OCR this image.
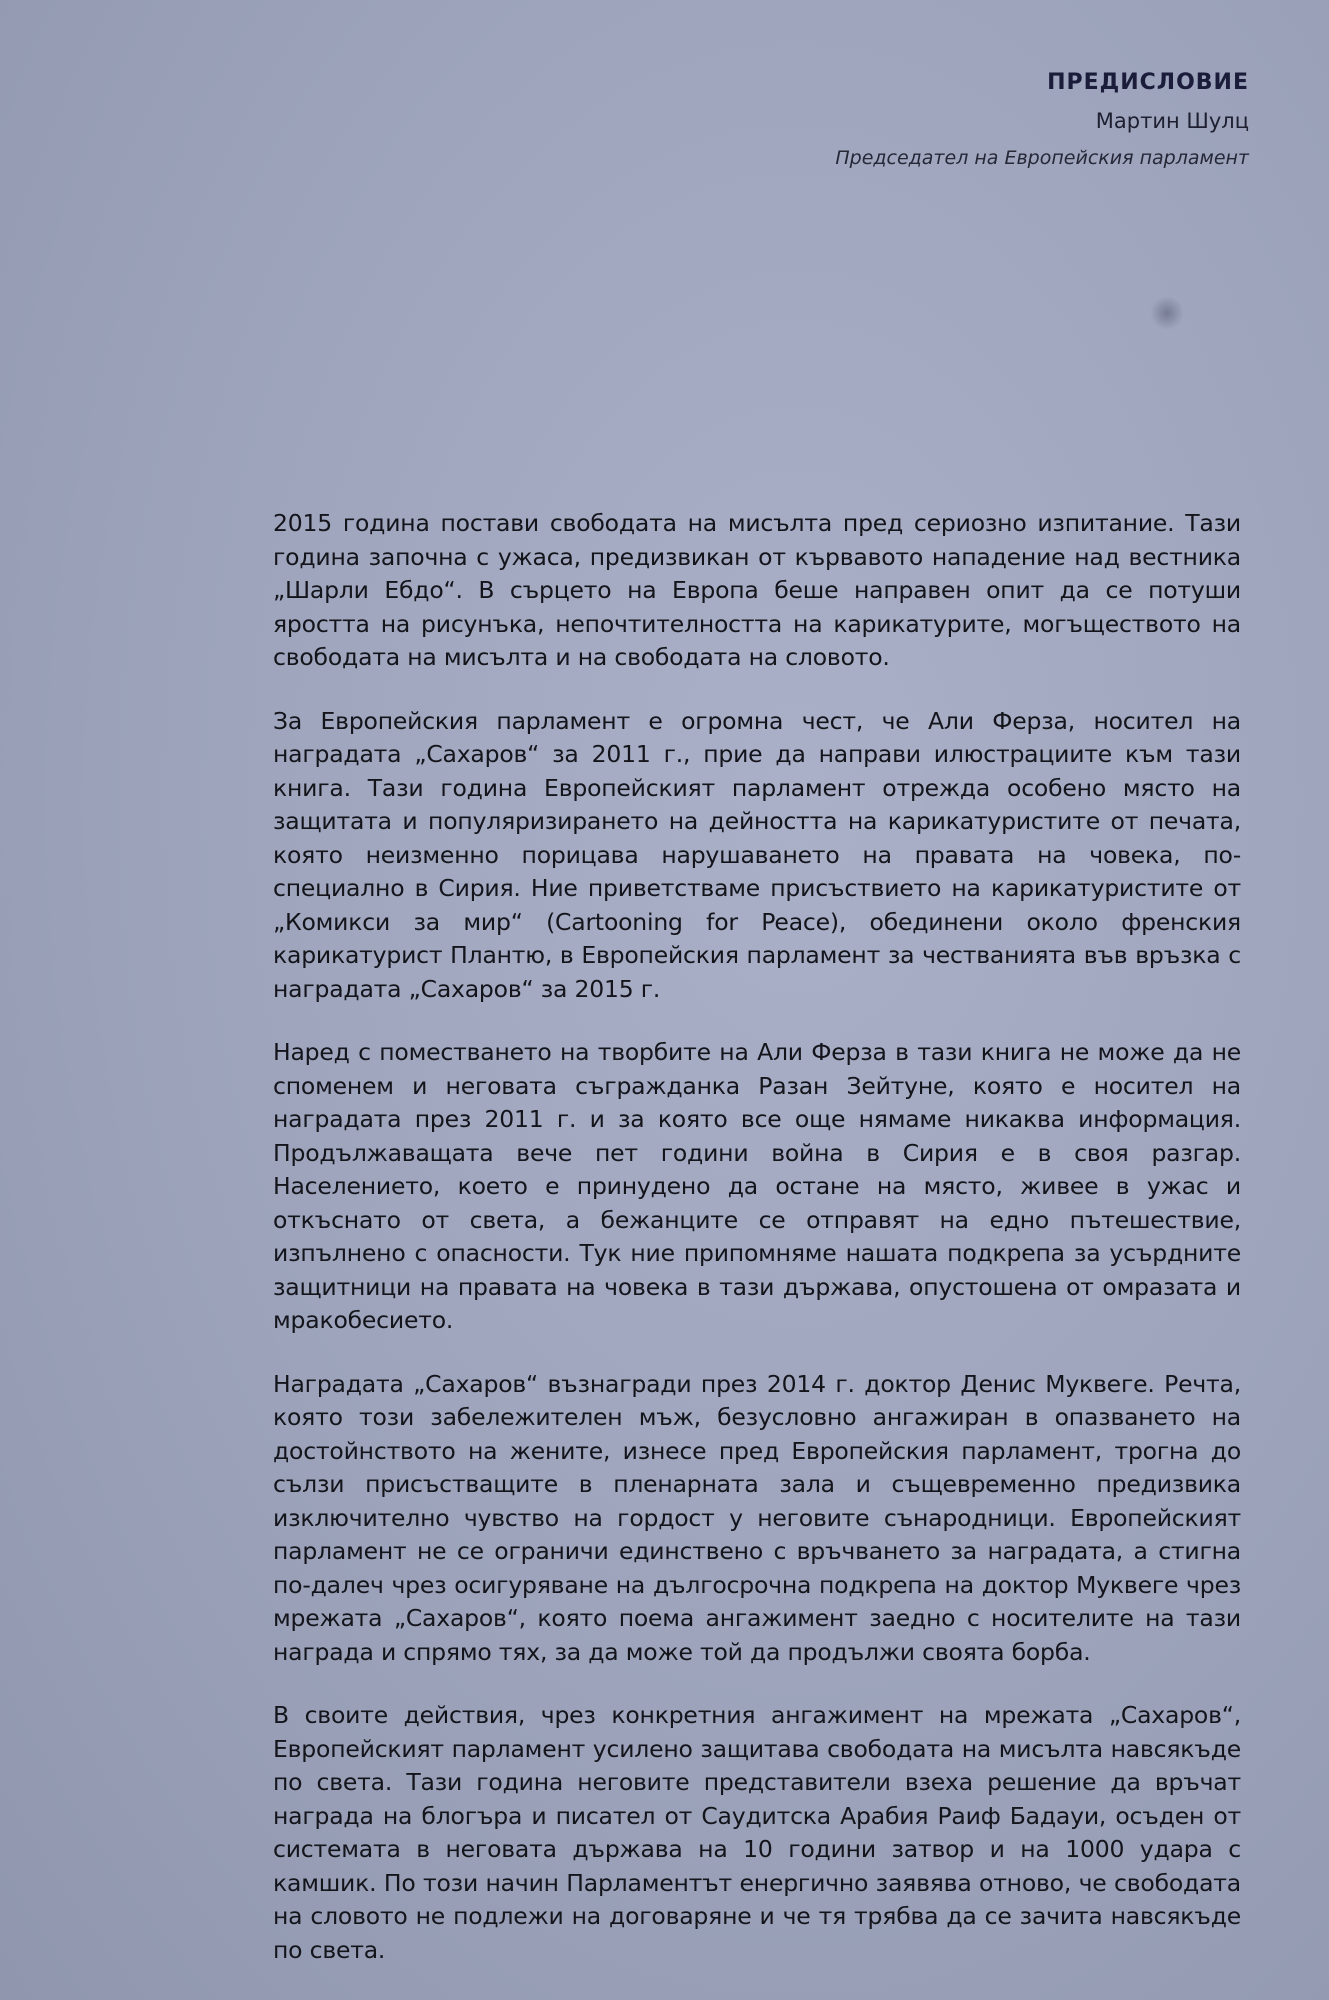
ПРЕДИСЛОВИЕ

Мартин Шулц

Председател на Европейския парламент

2015 година постави свободата на мисълта пред сериозно изпитание. Тази година започна с ужаса, предизвикан от кървавото нападение над вестника „Шарли Ебдо“. В сърцето на Европа беше направен опит да се потуши яростта на рисунъка, непочтителността на карикатурите, могъществото на свободата на мисълта и на свободата на словото.

За Европейския парламент е огромна чест, че Али Ферза, носител на наградата „Сахаров“ за 2011 г., прие да направи илюстрациите към тази книга. Тази година Европейският парламент отрежда особено място на защитата и популяризирането на дейността на карикатуристите от печата, която неизменно порицава нарушаването на правата на човека, по-специално в Сирия. Ние приветстваме присъствието на карикатуристите от „Комикси за мир“ (Cartooning for Peace), обединени около френския карикатурист Плантю, в Европейския парламент за честванията във връзка с наградата „Сахаров“ за 2015 г.

Наред с поместването на творбите на Али Ферза в тази книга не може да не споменем и неговата съгражданка Разан Зейтуне, която е носител на наградата през 2011 г. и за която все още нямаме никаква информация. Продължаващата вече пет години война в Сирия е в своя разгар. Населението, което е принудено да остане на място, живее в ужас и откъснато от света, а бежанците се отправят на едно пътешествие, изпълнено с опасности. Тук ние припомняме нашата подкрепа за усърдните защитници на правата на човека в тази държава, опустошена от омразата и мракобесието.

Наградата „Сахаров“ възнагради през 2014 г. доктор Денис Муквеге. Речта, която този забележителен мъж, безусловно ангажиран в опазването на достойнството на жените, изнесе пред Европейския парламент, трогна до сълзи присъстващите в пленарната зала и същевременно предизвика изключително чувство на гордост у неговите сънародници. Европейският парламент не се ограничи единствено с връчването за наградата, а стигна по-далеч чрез осигуряване на дългосрочна подкрепа на доктор Муквеге чрез мрежата „Сахаров“, която поема ангажимент заедно с носителите на тази награда и спрямо тях, за да може той да продължи своята борба.

В своите действия, чрез конкретния ангажимент на мрежата „Сахаров“, Европейският парламент усилено защитава свободата на мисълта навсякъде по света. Тази година неговите представители взеха решение да връчат награда на блогъра и писател от Саудитска Арабия Раиф Бадауи, осъден от системата в неговата държава на 10 години затвор и на 1000 удара с камшик. По този начин Парламентът енергично заявява отново, че свободата на словото не подлежи на договаряне и че тя трябва да се зачита навсякъде по света.
